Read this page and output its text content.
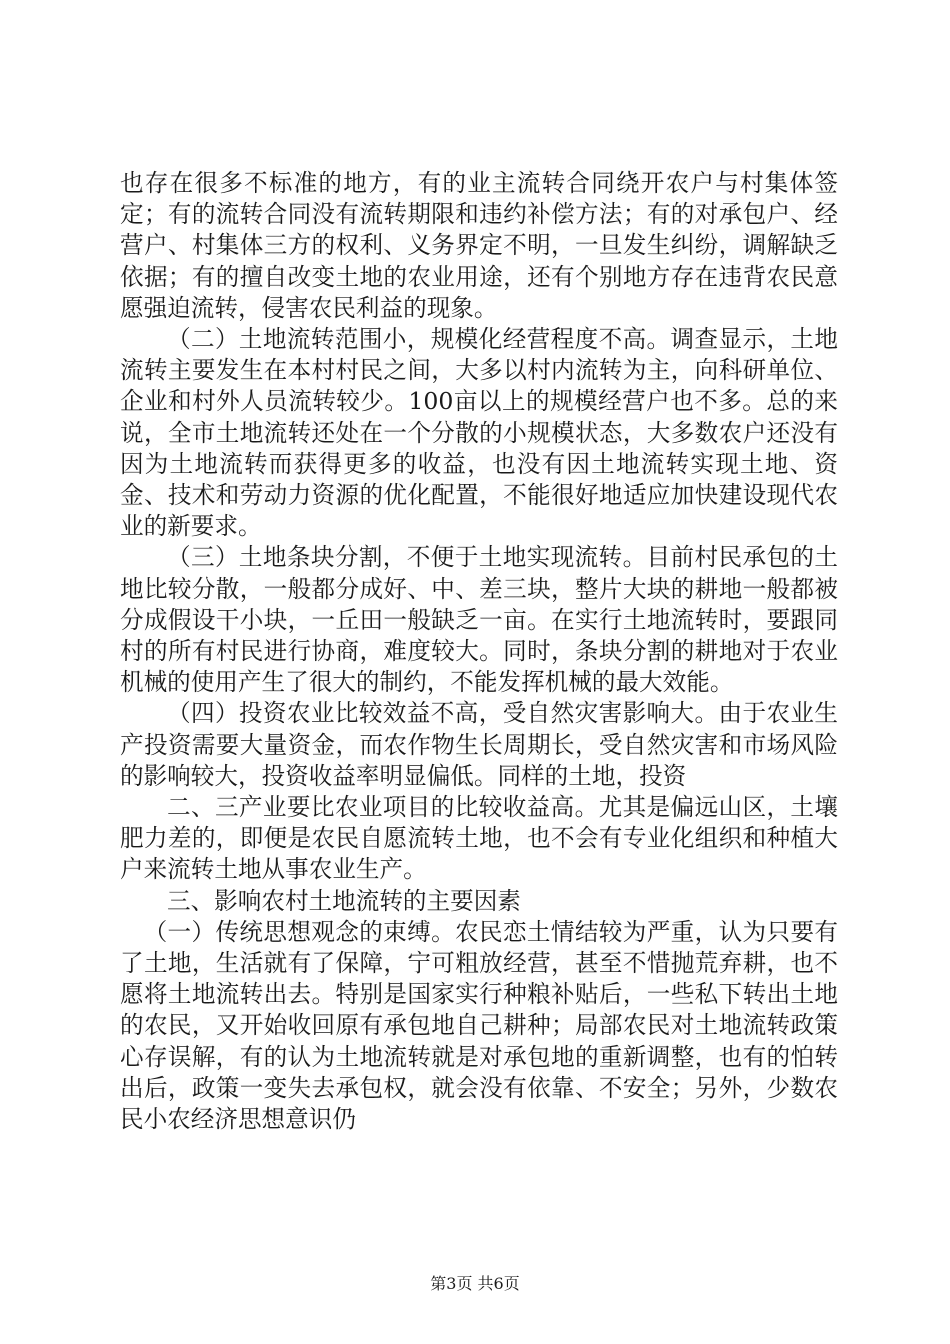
也存在很多不标准的地方，有的业主流转合同绕开农户与村集体签定；有的流转合同没有流转期限和违约补偿方法；有的对承包户、经营户、村集体三方的权利、义务界定不明，一旦发生纠纷，调解缺乏依据；有的擅自改变土地的农业用途，还有个别地方存在违背农民意愿强迫流转，侵害农民利益的现象。

（二）土地流转范围小，规模化经营程度不高。调查显示，土地流转主要发生在本村村民之间，大多以村内流转为主，向科研单位、企业和村外人员流转较少。100亩以上的规模经营户也不多。总的来说，全市土地流转还处在一个分散的小规模状态，大多数农户还没有因为土地流转而获得更多的收益，也没有因土地流转实现土地、资金、技术和劳动力资源的优化配置，不能很好地适应加快建设现代农业的新要求。

（三）土地条块分割，不便于土地实现流转。目前村民承包的土地比较分散，一般都分成好、中、差三块，整片大块的耕地一般都被分成假设干小块，一丘田一般缺乏一亩。在实行土地流转时，要跟同村的所有村民进行协商，难度较大。同时，条块分割的耕地对于农业机械的使用产生了很大的制约，不能发挥机械的最大效能。

（四）投资农业比较效益不高，受自然灾害影响大。由于农业生产投资需要大量资金，而农作物生长周期长，受自然灾害和市场风险的影响较大，投资收益率明显偏低。同样的土地，投资

二、三产业要比农业项目的比较收益高。尤其是偏远山区，土壤肥力差的，即便是农民自愿流转土地，也不会有专业化组织和种植大户来流转土地从事农业生产。

三、影响农村土地流转的主要因素

（一）传统思想观念的束缚。农民恋土情结较为严重，认为只要有了土地，生活就有了保障，宁可粗放经营，甚至不惜抛荒弃耕，也不愿将土地流转出去。特别是国家实行种粮补贴后，一些私下转出土地的农民，又开始收回原有承包地自己耕种；局部农民对土地流转政策心存误解，有的认为土地流转就是对承包地的重新调整，也有的怕转出后，政策一变失去承包权，就会没有依靠、不安全；另外，少数农民小农经济思想意识仍

第3页 共6页
